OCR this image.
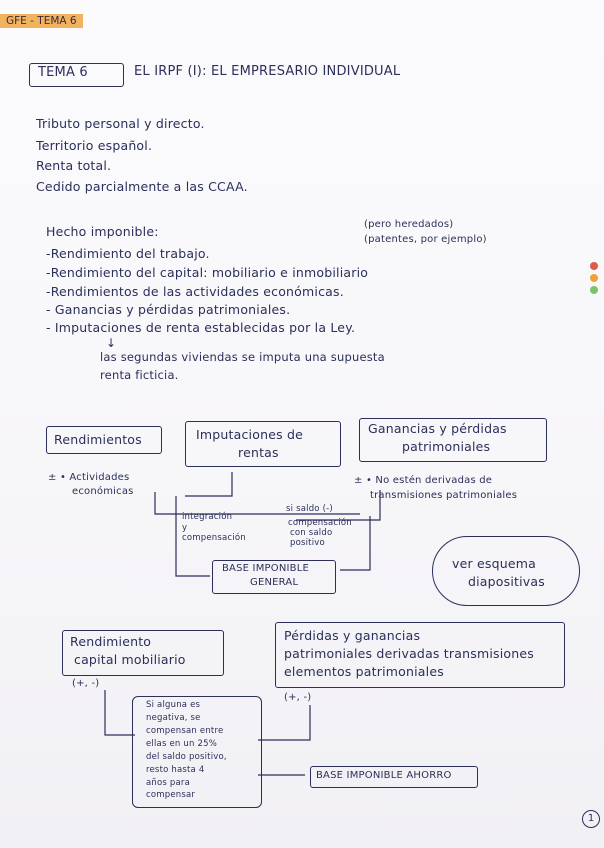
GFE - TEMA 6
TEMA 6	EL IRPF (I): EL EMPRESARIO INDIVIDUAL
Tributo personal y directo.
Territorio español.
Renta total.
Cedido parcialmente a las CCAA.
Hecho imponible:	(pero heredados)
(patentes, por ejemplo)
-Rendimiento del trabajo.
-Rendimiento del capital: mobiliario e inmobiliario
-Rendimientos de las actividades económicas.
- Ganancias y pérdidas patrimoniales.
- Imputaciones de renta establecidas por la Ley.
↓
las segundas viviendas se imputa una supuesta
renta ficticia.
Rendimientos	Imputaciones de
rentas
Ganancias y pérdidas
patrimoniales
± • Actividades
económicas
± • No estén derivadas de
transmisiones patrimoniales
integración
y
compensación
si saldo (-)
compensación
con saldo
positivo
BASE IMPONIBLE
GENERAL
ver esquema
diapositivas
Rendimiento
capital mobiliario
Pérdidas y ganancias
patrimoniales derivadas transmisiones
elementos patrimoniales
(+, -)
(+, -)
Si alguna es
negativa, se
compensan entre
ellas en un 25%
del saldo positivo,
resto hasta 4
años para
compensar
BASE IMPONIBLE AHORRO
1
